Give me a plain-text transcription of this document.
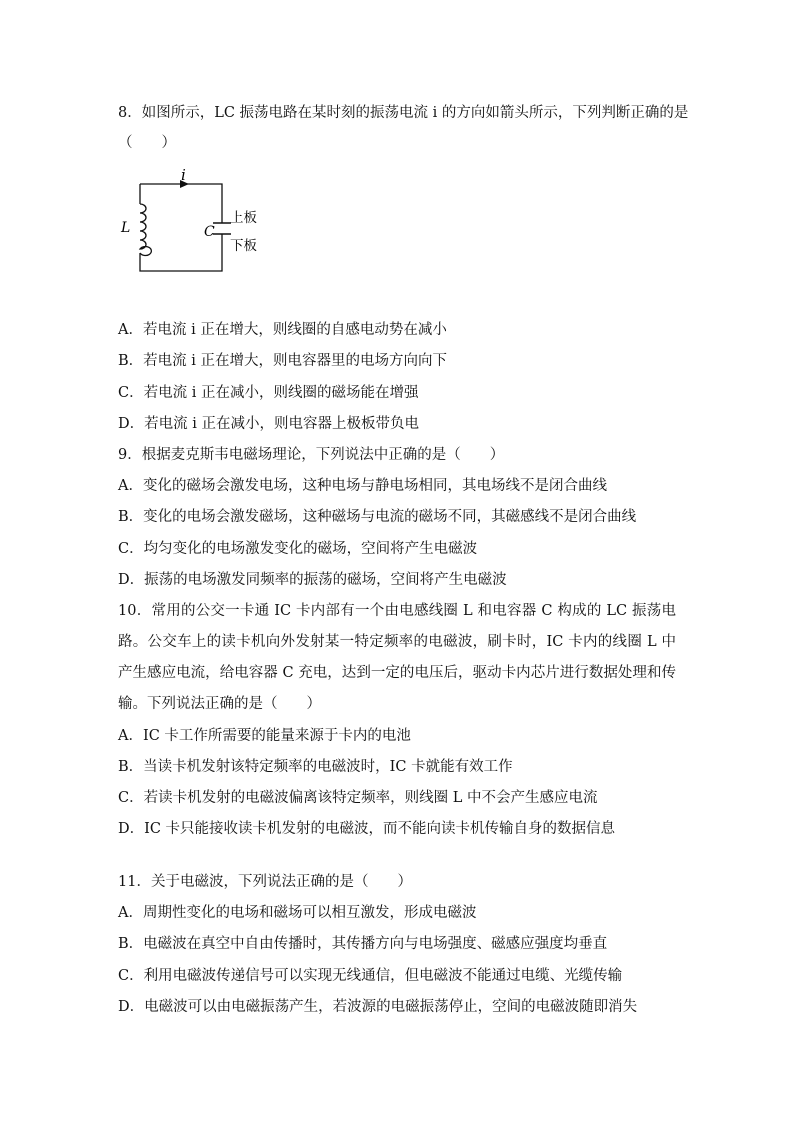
8．如图所示，LC 振荡电路在某时刻的振荡电流 i 的方向如箭头所示，下列判断正确的是
（　　）
i
L	C
上板
下板
A．若电流 i 正在增大，则线圈的自感电动势在减小
B．若电流 i 正在增大，则电容器里的电场方向向下
C．若电流 i 正在减小，则线圈的磁场能在增强
D．若电流 i 正在减小，则电容器上极板带负电
9．根据麦克斯韦电磁场理论，下列说法中正确的是（　　）
A．变化的磁场会激发电场，这种电场与静电场相同，其电场线不是闭合曲线
B．变化的电场会激发磁场，这种磁场与电流的磁场不同，其磁感线不是闭合曲线
C．均匀变化的电场激发变化的磁场，空间将产生电磁波
D．振荡的电场激发同频率的振荡的磁场，空间将产生电磁波
10．常用的公交一卡通 IC 卡内部有一个由电感线圈 L 和电容器 C 构成的 LC 振荡电路。公交车上的读卡机向外发射某一特定频率的电磁波，刷卡时，IC 卡内的线圈 L 中产生感应电流，给电容器 C 充电，达到一定的电压后，驱动卡内芯片进行数据处理和传输。下列说法正确的是（　　）
A．IC 卡工作所需要的能量来源于卡内的电池
B．当读卡机发射该特定频率的电磁波时，IC 卡就能有效工作
C．若读卡机发射的电磁波偏离该特定频率，则线圈 L 中不会产生感应电流
D．IC 卡只能接收读卡机发射的电磁波，而不能向读卡机传输自身的数据信息
11．关于电磁波，下列说法正确的是（　　）
A．周期性变化的电场和磁场可以相互激发，形成电磁波
B．电磁波在真空中自由传播时，其传播方向与电场强度、磁感应强度均垂直
C．利用电磁波传递信号可以实现无线通信，但电磁波不能通过电缆、光缆传输
D．电磁波可以由电磁振荡产生，若波源的电磁振荡停止，空间的电磁波随即消失
